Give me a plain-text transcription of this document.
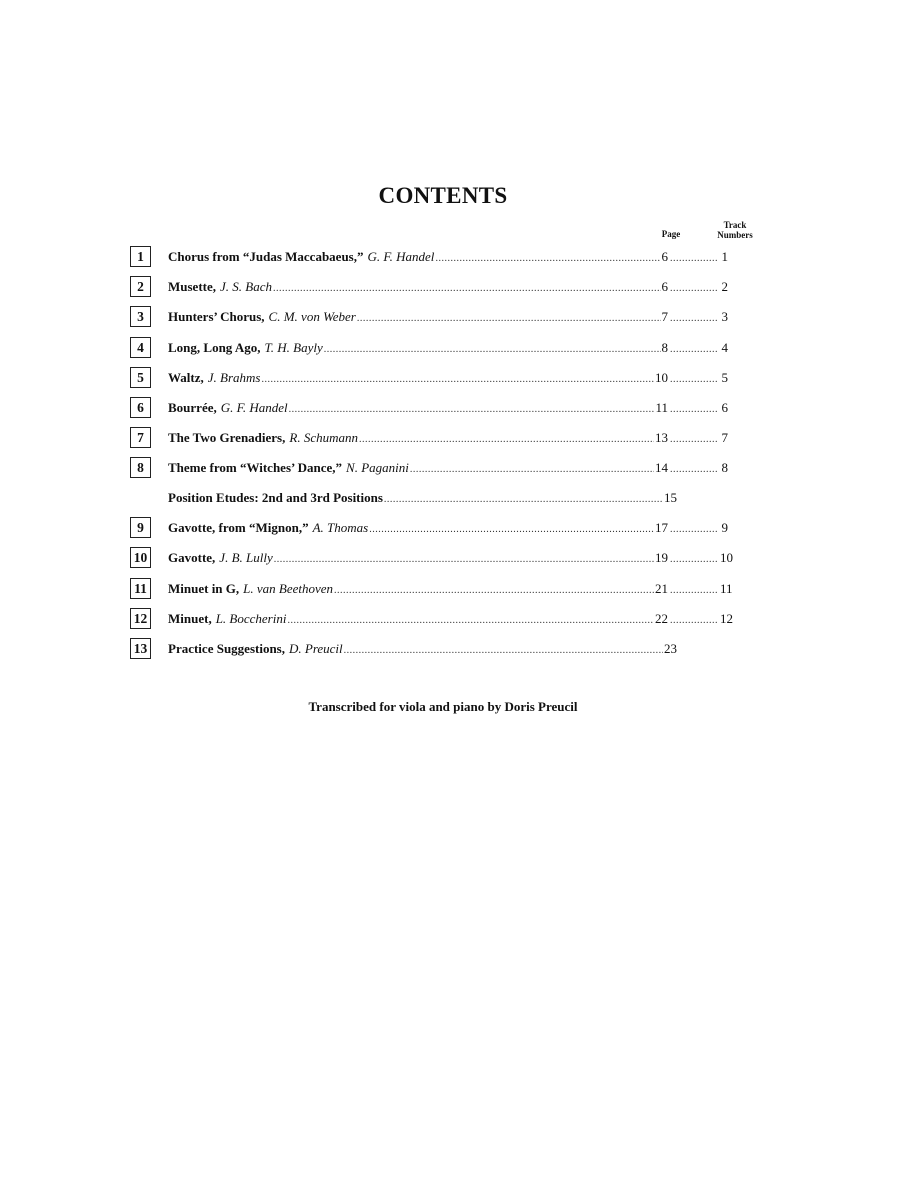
CONTENTS
Page
Track Numbers
1	Chorus from “Judas Maccabaeus,” G. F. Handel .....	6 .....	1
2	Musette, J. S. Bach .....	6 .....	2
3	Hunters’ Chorus, C. M. von Weber .....	7 .....	3
4	Long, Long Ago, T. H. Bayly .....	8 .....	4
5	Waltz, J. Brahms .....	10 .....	5
6	Bourrée, G. F. Handel .....	11 .....	6
7	The Two Grenadiers, R. Schumann .....	13 .....	7
8	Theme from “Witches’ Dance,” N. Paganini .....	14 .....	8
Position Etudes: 2nd and 3rd Positions .....	15
9	Gavotte, from “Mignon,” A. Thomas .....	17 .....	9
10 Gavotte, J. B. Lully .....	19 .....	10
11	Minuet in G, L. van Beethoven .....	21 .....	11
12 Minuet, L. Boccherini .....	22 .....	12
13 Practice Suggestions, D. Preucil .....	23
Transcribed for viola and piano by Doris Preucil
